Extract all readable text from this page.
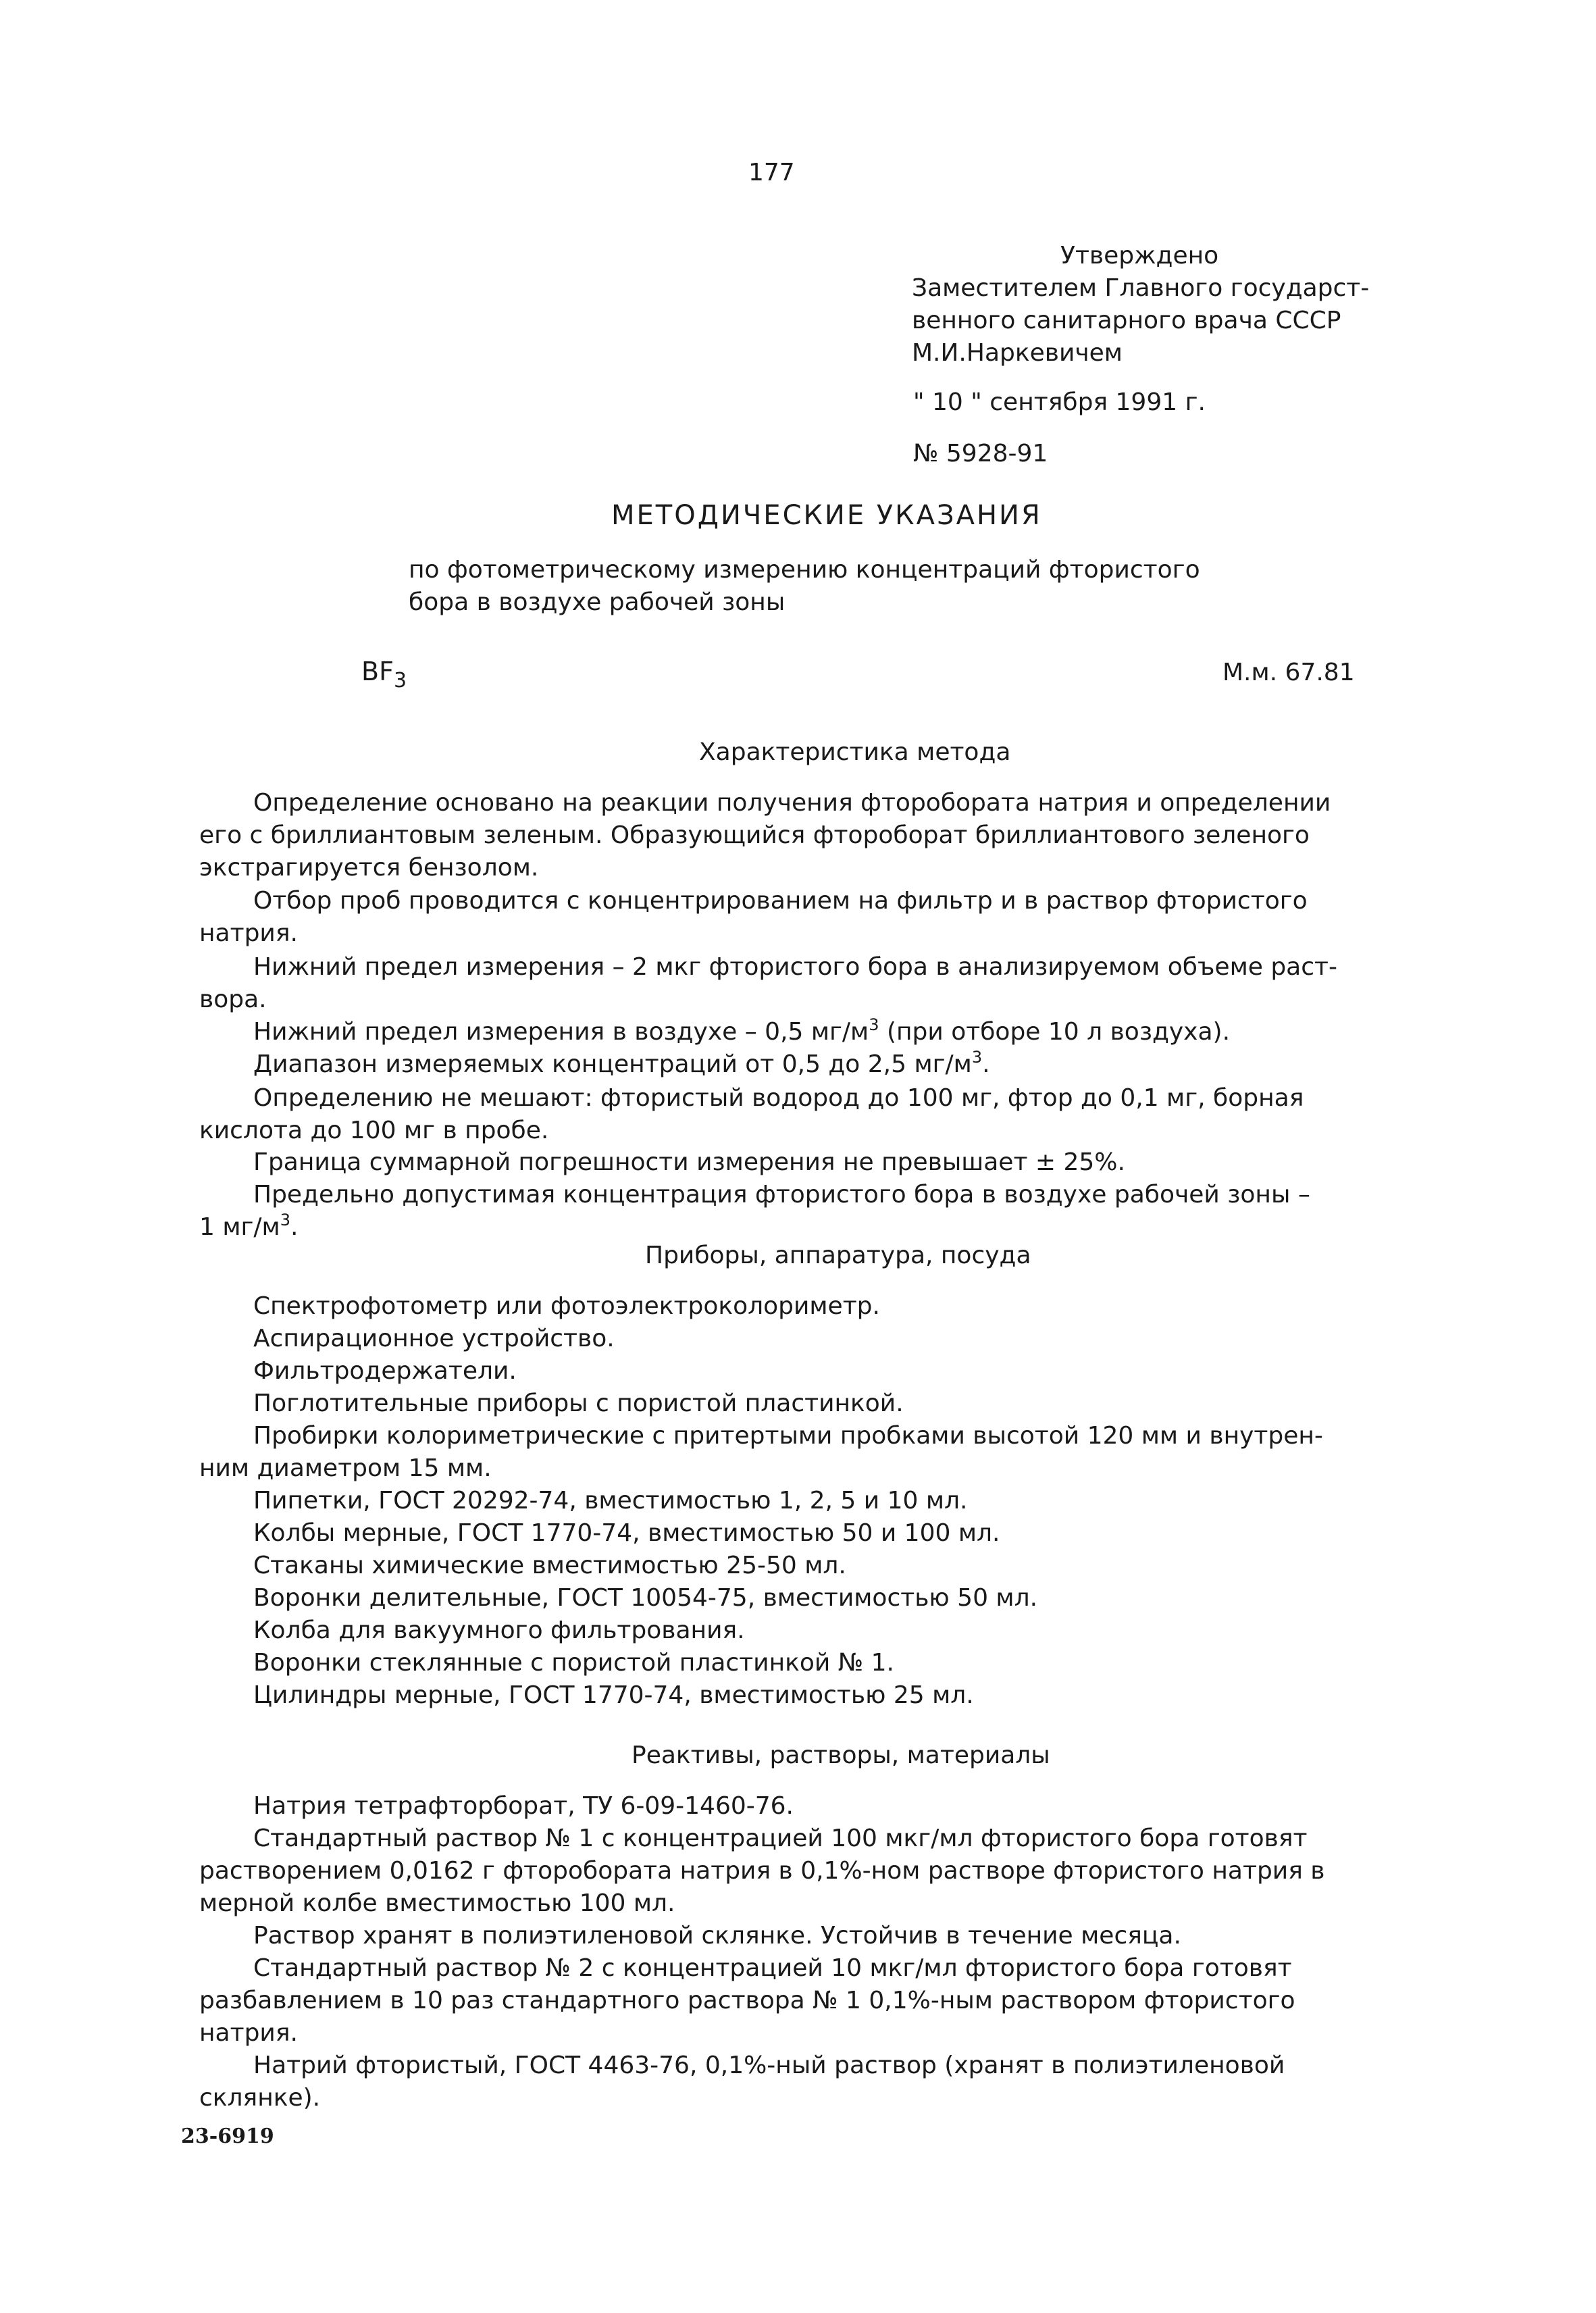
177
Утверждено
Заместителем Главного государст-
венного санитарного врача СССР
М.И.Наркевичем
" 10 " сентября 1991 г.
№ 5928-91
МЕТОДИЧЕСКИЕ УКАЗАНИЯ
по фотометрическому измерению концентраций фтористого
бора в воздухе рабочей зоны
$BF_3$	М.м. 67.81
Характеристика метода
Определение основано на реакции получения фторобората натрия и определении
его с бриллиантовым зеленым. Образующийся фтороборат бриллиантового зеленого
экстрагируется бензолом.
Отбор проб проводится с концентрированием на фильтр и в раствор фтористого
натрия.
Нижний предел измерения – 2 мкг фтористого бора в анализируемом объеме раст-
вора.
Нижний предел измерения в воздухе – 0,5 $мг/м^3$ (при отборе 10 л воздуха).
Диапазон измеряемых концентраций от 0,5 до 2,5 $мг/м^3$.
Определению не мешают: фтористый водород до 100 мг, фтор до 0,1 мг, борная
кислота до 100 мг в пробе.
Граница суммарной погрешности измерения не превышает ± 25%.
Предельно допустимая концентрация фтористого бора в воздухе рабочей зоны –
1 $мг/м^3$.
Приборы, аппаратура, посуда
Спектрофотометр или фотоэлектроколориметр.
Аспирационное устройство.
Фильтродержатели.
Поглотительные приборы с пористой пластинкой.
Пробирки колориметрические с притертыми пробками высотой 120 мм и внутрен-
ним диаметром 15 мм.
Пипетки, ГОСТ 20292-74, вместимостью 1, 2, 5 и 10 мл.
Колбы мерные, ГОСТ 1770-74, вместимостью 50 и 100 мл.
Стаканы химические вместимостью 25-50 мл.
Воронки делительные, ГОСТ 10054-75, вместимостью 50 мл.
Колба для вакуумного фильтрования.
Воронки стеклянные с пористой пластинкой № 1.
Цилиндры мерные, ГОСТ 1770-74, вместимостью 25 мл.
Реактивы, растворы, материалы
Натрия тетрафторборат, ТУ 6-09-1460-76.
Стандартный раствор № 1 с концентрацией 100 мкг/мл фтористого бора готовят
растворением 0,0162 г фторобората натрия в 0,1%-ном растворе фтористого натрия в
мерной колбе вместимостью 100 мл.
Раствор хранят в полиэтиленовой склянке. Устойчив в течение месяца.
Стандартный раствор № 2 с концентрацией 10 мкг/мл фтористого бора готовят
разбавлением в 10 раз стандартного раствора № 1 0,1%-ным раствором фтористого
натрия.
Натрий фтористый, ГОСТ 4463-76, 0,1%-ный раствор (хранят в полиэтиленовой
склянке).
23-6919
